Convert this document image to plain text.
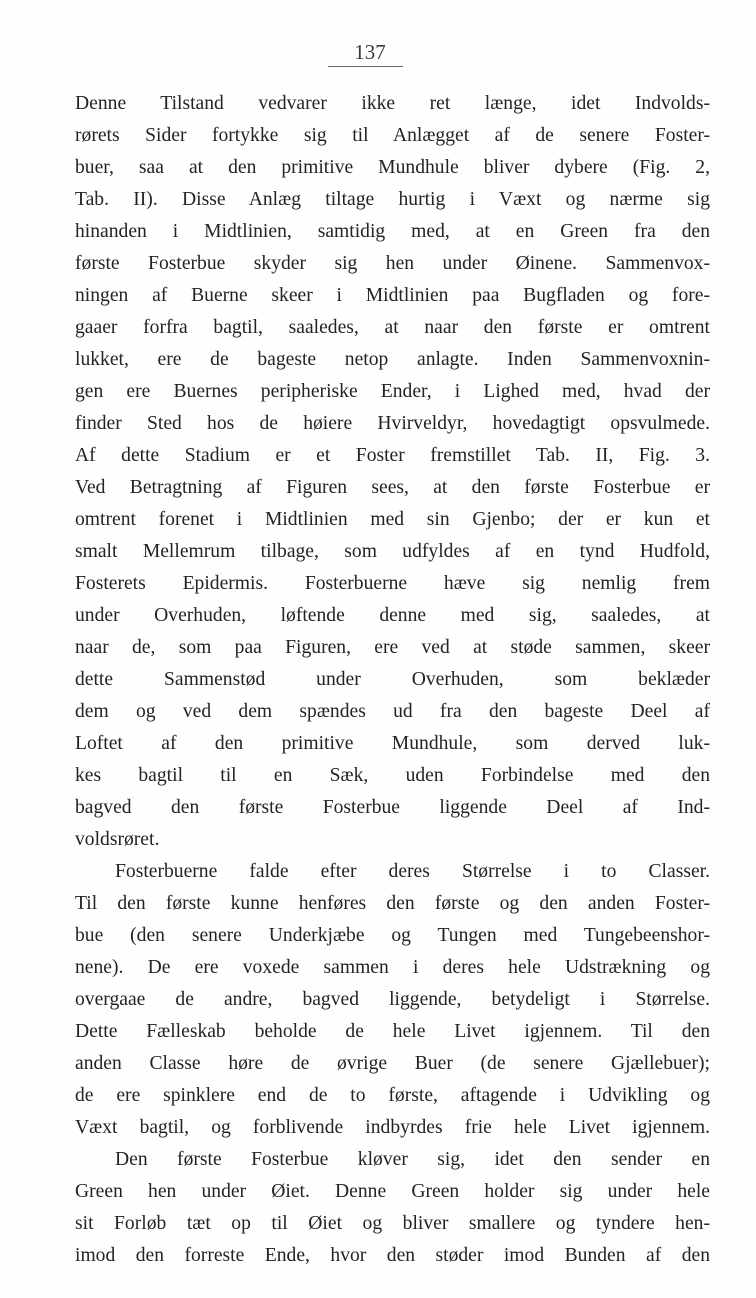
137
Denne Tilstand vedvarer ikke ret længe, idet Indvolds-
rørets Sider fortykke sig til Anlægget af de senere Foster-
buer, saa at den primitive Mundhule bliver dybere (Fig. 2,
Tab. II). Disse Anlæg tiltage hurtig i Væxt og nærme sig
hinanden i Midtlinien, samtidig med, at en Green fra den
første Fosterbue skyder sig hen under Øinene. Sammenvox-
ningen af Buerne skeer i Midtlinien paa Bugfladen og fore-
gaaer forfra bagtil, saaledes, at naar den første er omtrent
lukket, ere de bageste netop anlagte. Inden Sammenvoxnin-
gen ere Buernes peripheriske Ender, i Lighed med, hvad der
finder Sted hos de høiere Hvirveldyr, hovedagtigt opsvulmede.
Af dette Stadium er et Foster fremstillet Tab. II, Fig. 3.
Ved Betragtning af Figuren sees, at den første Fosterbue er
omtrent forenet i Midtlinien med sin Gjenbo; der er kun et
smalt Mellemrum tilbage, som udfyldes af en tynd Hudfold,
Fosterets Epidermis. Fosterbuerne hæve sig nemlig frem
under Overhuden, løftende denne med sig, saaledes, at
naar de, som paa Figuren, ere ved at støde sammen, skeer
dette Sammenstød under Overhuden, som beklæder
dem og ved dem spændes ud fra den bageste Deel af
Loftet af den primitive Mundhule, som derved luk-
kes bagtil til en Sæk, uden Forbindelse med den
bagved den første Fosterbue liggende Deel af Ind-
voldsrøret.
Fosterbuerne falde efter deres Størrelse i to Classer.
Til den første kunne henføres den første og den anden Foster-
bue (den senere Underkjæbe og Tungen med Tungebeenshor-
nene). De ere voxede sammen i deres hele Udstrækning og
overgaae de andre, bagved liggende, betydeligt i Størrelse.
Dette Fælleskab beholde de hele Livet igjennem. Til den
anden Classe høre de øvrige Buer (de senere Gjællebuer);
de ere spinklere end de to første, aftagende i Udvikling og
Væxt bagtil, og forblivende indbyrdes frie hele Livet igjennem.
Den første Fosterbue kløver sig, idet den sender en
Green hen under Øiet. Denne Green holder sig under hele
sit Forløb tæt op til Øiet og bliver smallere og tyndere hen-
imod den forreste Ende, hvor den støder imod Bunden af den
